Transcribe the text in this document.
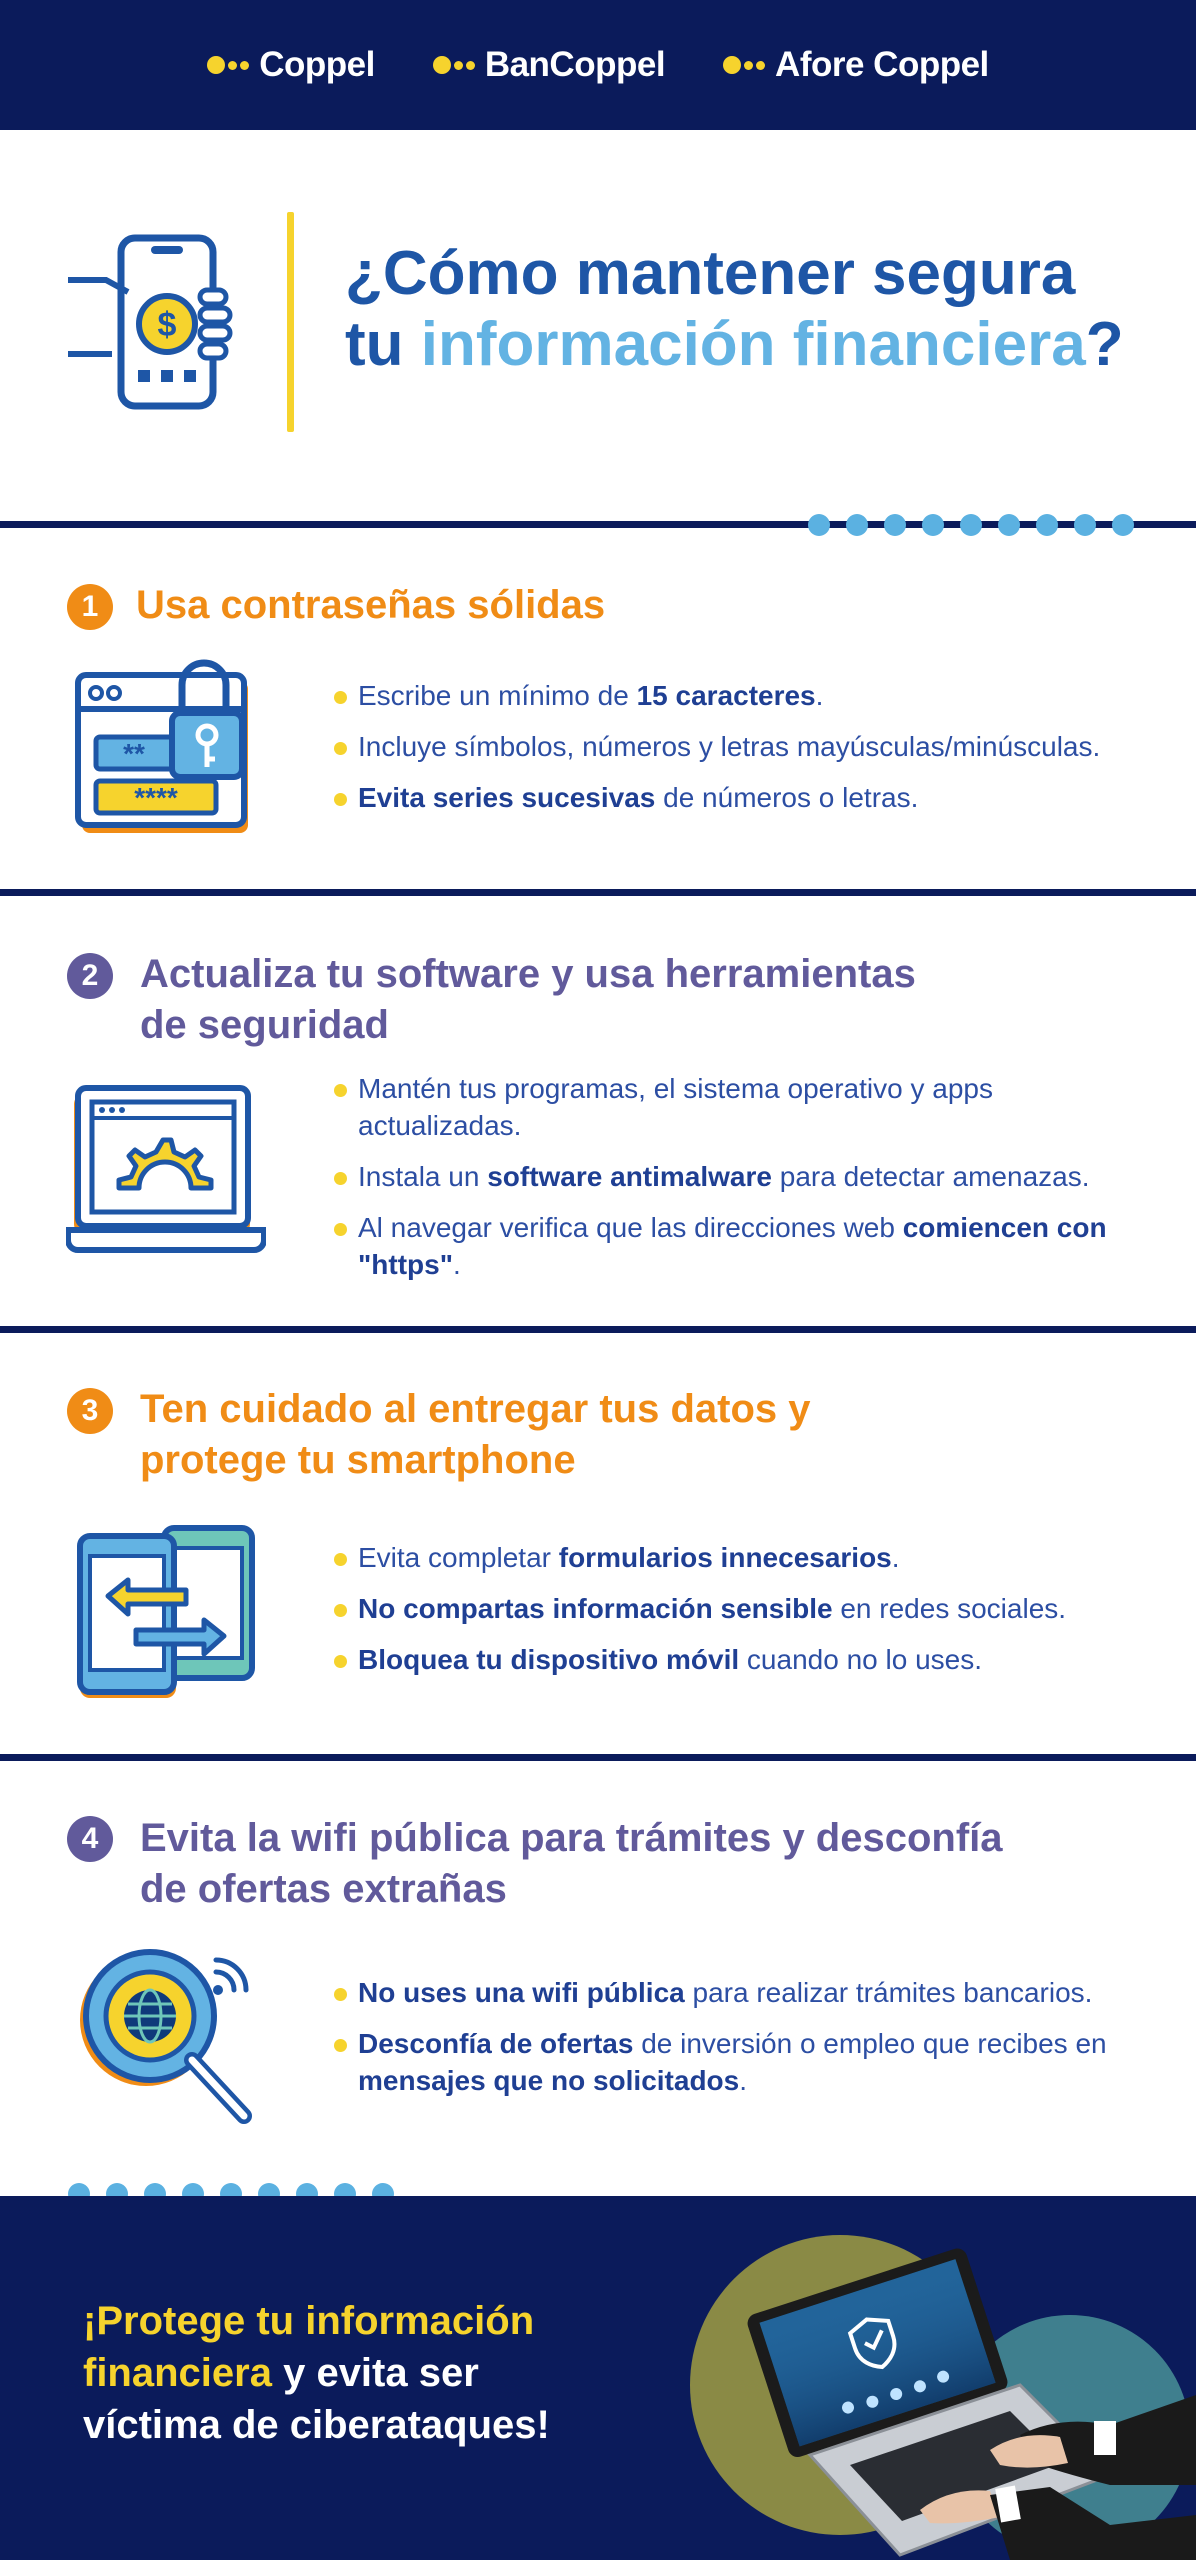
Coppel	BanCoppel	Afore Coppel
$
¿Cómo mantener segura
tu información financiera?
1 Usa contraseñas sólidas
**
****
Escribe un mínimo de 15 caracteres.
Incluye símbolos, números y letras mayúsculas/minúsculas.
Evita series sucesivas de números o letras.
2	Actualiza tu software y usa herramientas
de seguridad
Mantén tus programas, el sistema operativo y apps actualizadas.
Instala un software antimalware para detectar amenazas.
Al navegar verifica que las direcciones web comiencen con "https".
3	Ten cuidado al entregar tus datos y
protege tu smartphone
Evita completar formularios innecesarios.
No compartas información sensible en redes sociales.
Bloquea tu dispositivo móvil cuando no lo uses.
4	Evita la wifi pública para trámites y desconfía
de ofertas extrañas
No uses una wifi pública para realizar trámites bancarios.
Desconfía de ofertas de inversión o empleo que recibes en mensajes que no solicitados.
¡Protege tu información
financiera y evita ser
víctima de ciberataques!
